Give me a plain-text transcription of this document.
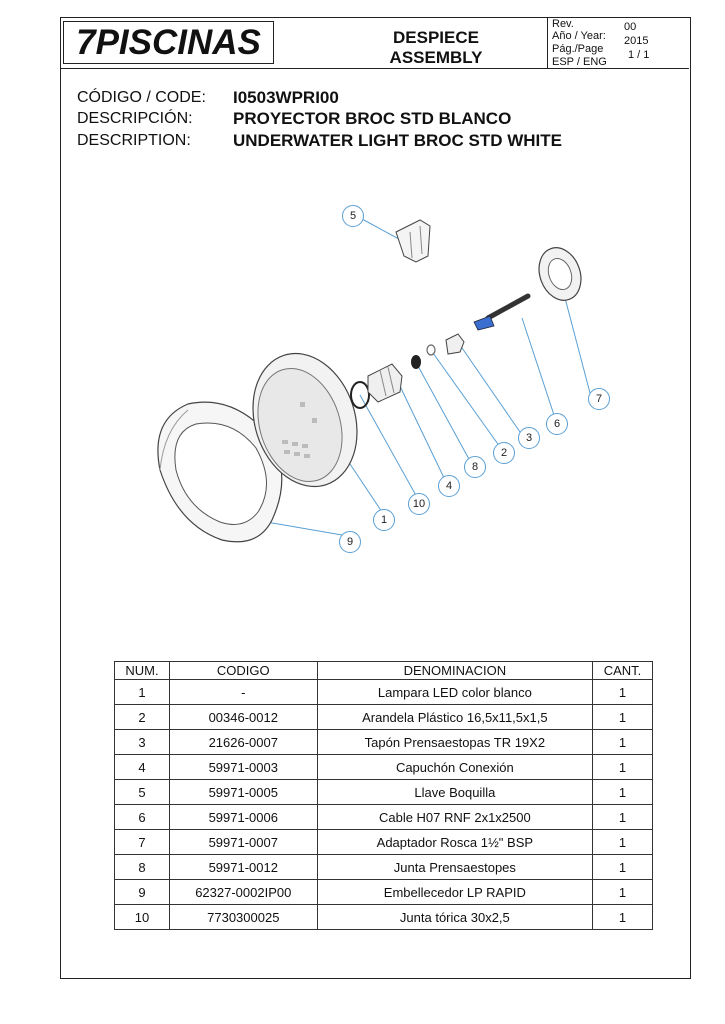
7PISCINAS	DESPIECE
ASSEMBLY
Rev.	00
Año / Year: 2015
Pág./Page 1 / 1
ESP / ENG
CÓDIGO / CODE: I0503WPRI00
DESCRIPCIÓN: PROYECTOR BROC STD BLANCO
DESCRIPTION: UNDERWATER LIGHT BROC STD WHITE
5
7
6
3
2
8
4
10
1
9
NUM.	CODIGO	DENOMINACION	CANT.
1	-	Lampara LED color blanco	1
2	00346-0012	Arandela Plástico 16,5x11,5x1,5	1
3	21626-0007	Tapón Prensaestopas TR 19X2	1
4	59971-0003	Capuchón Conexión	1
5	59971-0005	Llave Boquilla	1
6	59971-0006	Cable H07 RNF 2x1x2500	1
7	59971-0007	Adaptador Rosca 1½" BSP	1
8	59971-0012	Junta Prensaestopes	1
9	62327-0002IP00	Embellecedor LP RAPID	1
10	7730300025	Junta tórica 30x2,5	1
